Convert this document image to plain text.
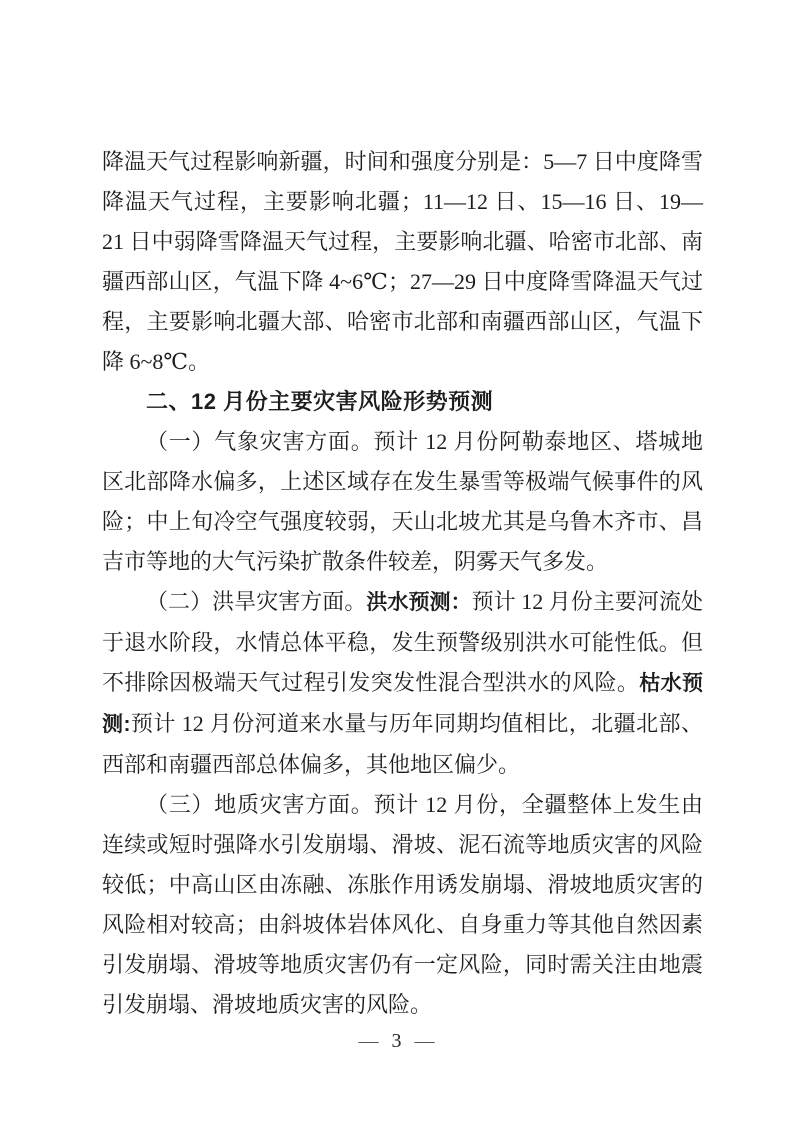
降温天气过程影响新疆，时间和强度分别是：5—7 日中度降雪降温天气过程，主要影响北疆；11—12 日、15—16 日、19—21 日中弱降雪降温天气过程，主要影响北疆、哈密市北部、南疆西部山区，气温下降 4~6℃；27—29 日中度降雪降温天气过程，主要影响北疆大部、哈密市北部和南疆西部山区，气温下降 6~8℃。

二、12 月份主要灾害风险形势预测

（一）气象灾害方面。预计 12 月份阿勒泰地区、塔城地区北部降水偏多，上述区域存在发生暴雪等极端气候事件的风险；中上旬冷空气强度较弱，天山北坡尤其是乌鲁木齐市、昌吉市等地的大气污染扩散条件较差，阴雾天气多发。

（二）洪旱灾害方面。洪水预测：预计 12 月份主要河流处于退水阶段，水情总体平稳，发生预警级别洪水可能性低。但不排除因极端天气过程引发突发性混合型洪水的风险。枯水预测:预计 12 月份河道来水量与历年同期均值相比，北疆北部、西部和南疆西部总体偏多，其他地区偏少。

（三）地质灾害方面。预计 12 月份，全疆整体上发生由连续或短时强降水引发崩塌、滑坡、泥石流等地质灾害的风险较低；中高山区由冻融、冻胀作用诱发崩塌、滑坡地质灾害的风险相对较高；由斜坡体岩体风化、自身重力等其他自然因素引发崩塌、滑坡等地质灾害仍有一定风险，同时需关注由地震引发崩塌、滑坡地质灾害的风险。

— 3 —
